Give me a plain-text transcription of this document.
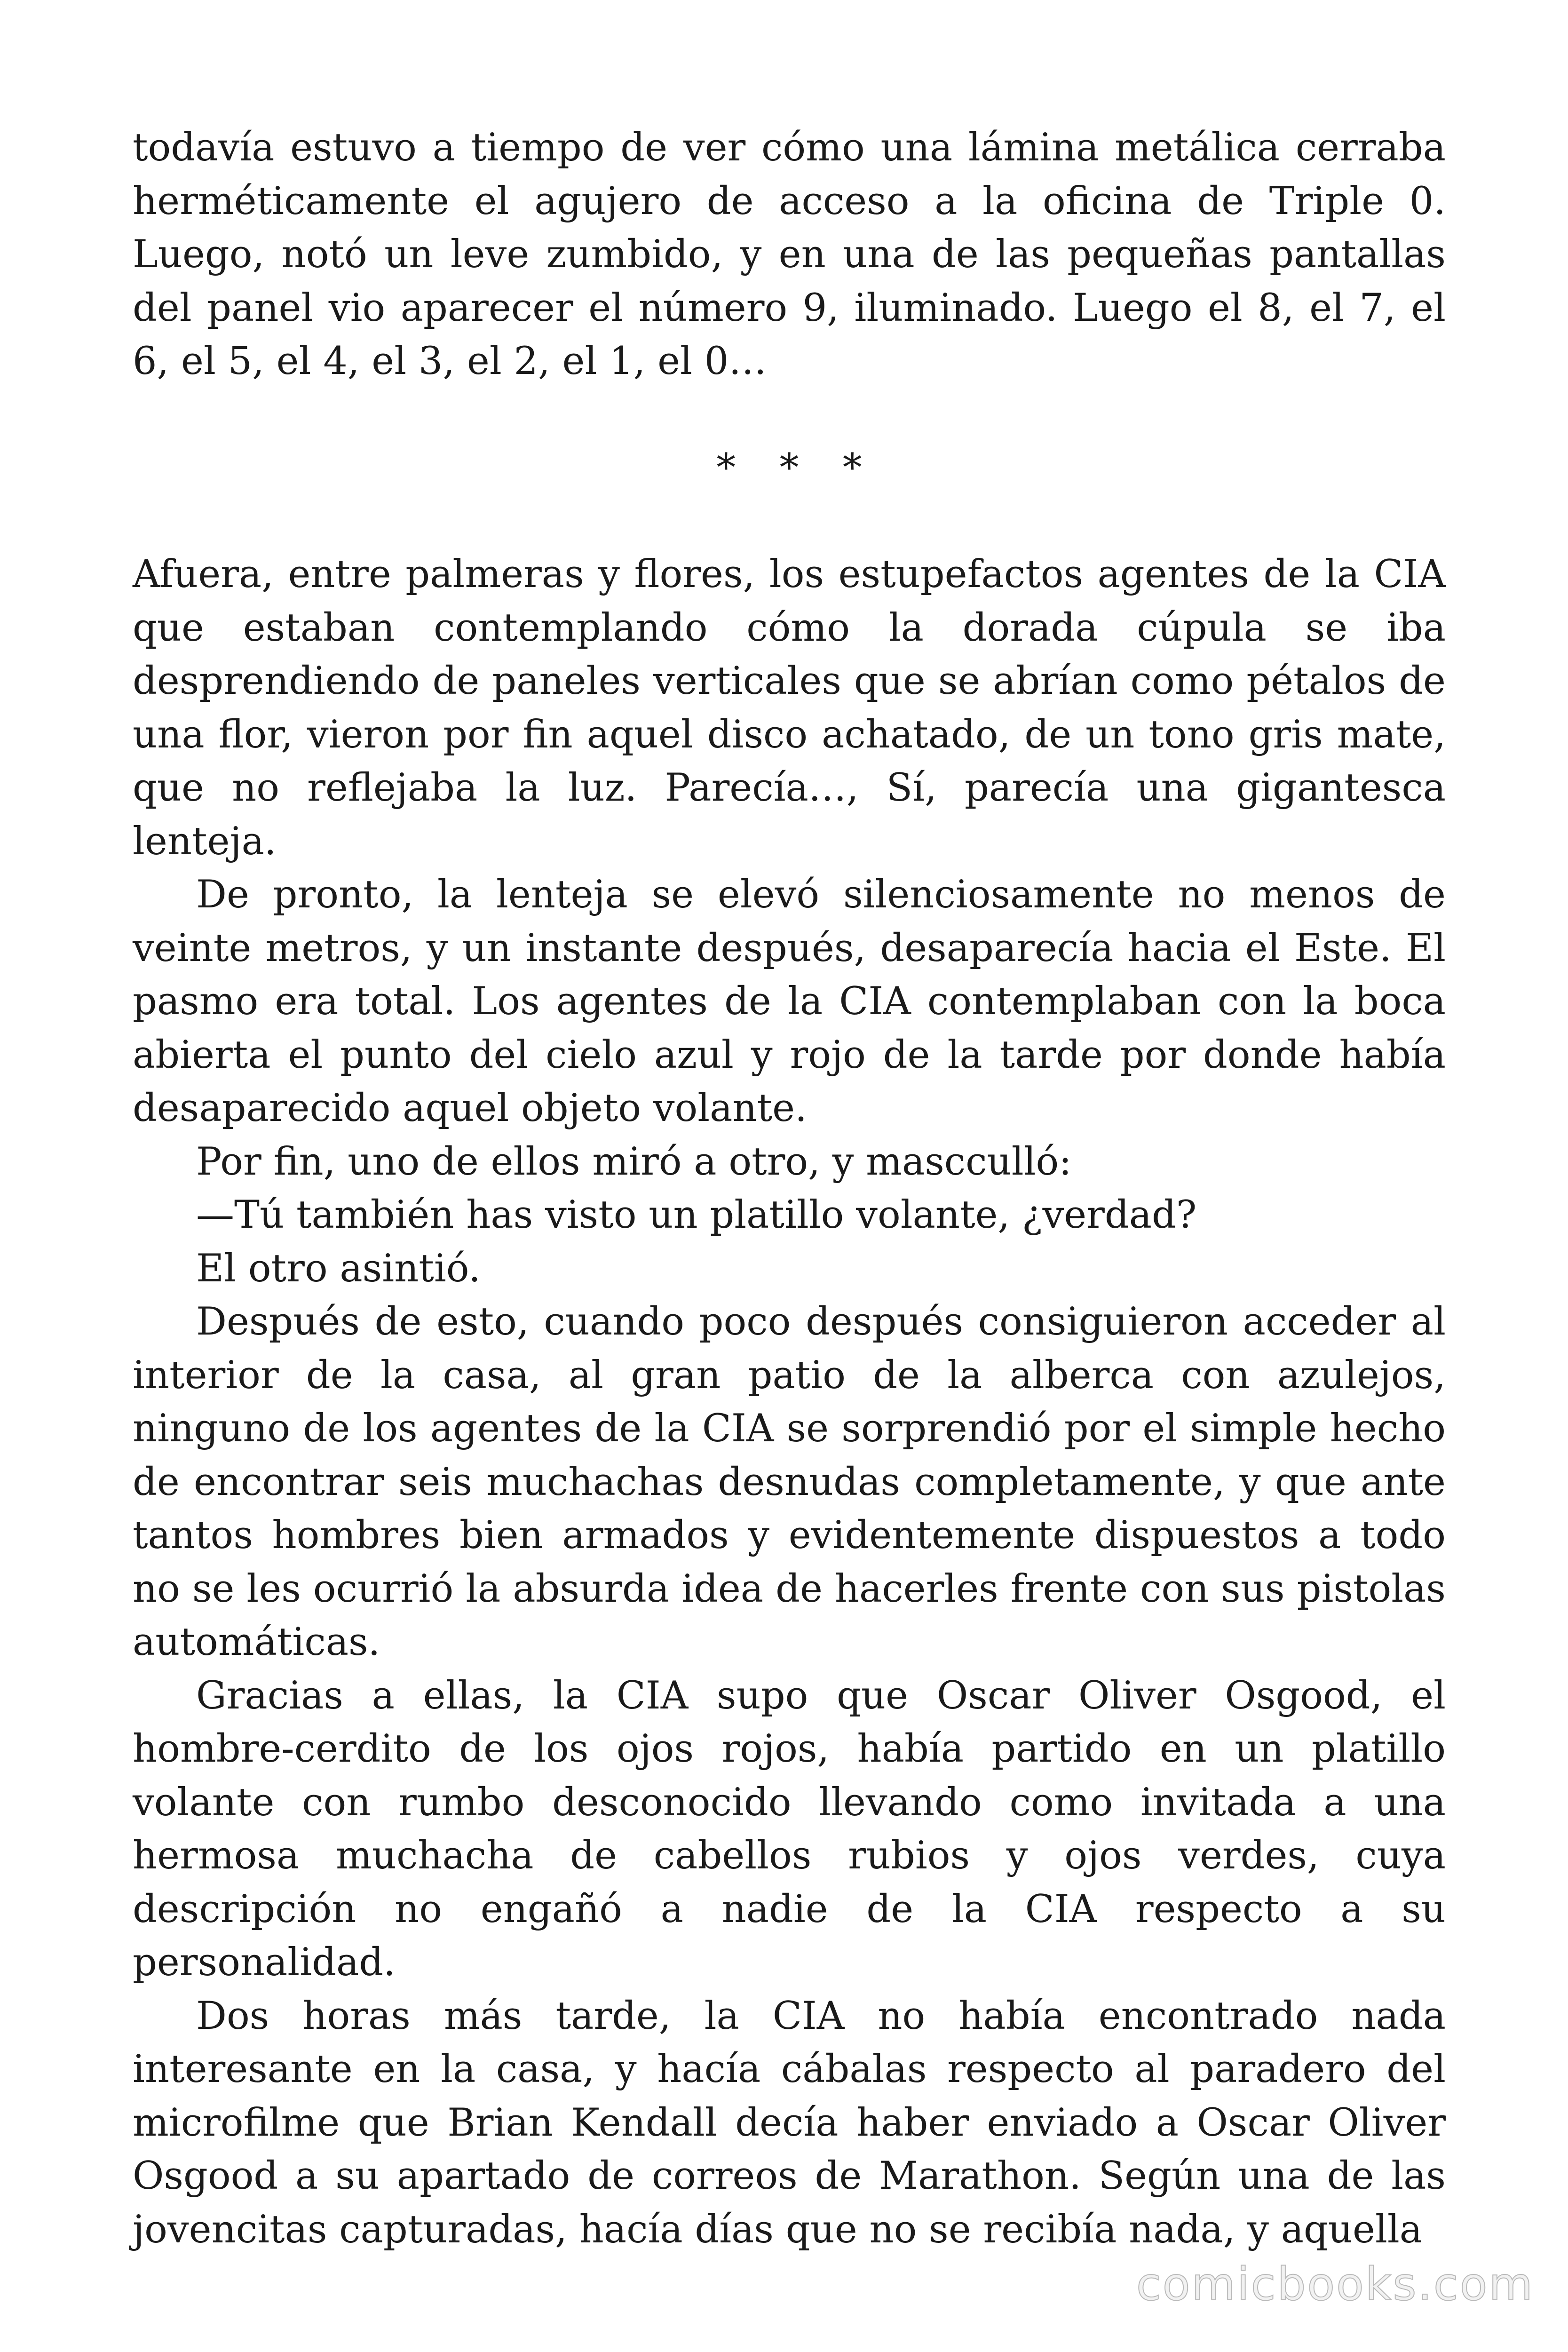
todavía estuvo a tiempo de ver cómo una lámina metálica cerraba herméticamente el agujero de acceso a la oficina de Triple 0. Luego, notó un leve zumbido, y en una de las pequeñas pantallas del panel vio aparecer el número 9, iluminado. Luego el 8, el 7, el 6, el 5, el 4, el 3, el 2, el 1, el 0…

* * *

Afuera, entre palmeras y flores, los estupefactos agentes de la CIA que estaban contemplando cómo la dorada cúpula se iba desprendiendo de paneles verticales que se abrían como pétalos de una flor, vieron por fin aquel disco achatado, de un tono gris mate, que no reflejaba la luz. Parecía…, Sí, parecía una gigantesca lenteja.

De pronto, la lenteja se elevó silenciosamente no menos de veinte metros, y un instante después, desaparecía hacia el Este. El pasmo era total. Los agentes de la CIA contemplaban con la boca abierta el punto del cielo azul y rojo de la tarde por donde había desaparecido aquel objeto volante.

Por fin, uno de ellos miró a otro, y mascculló:

—Tú también has visto un platillo volante, ¿verdad?

El otro asintió.

Después de esto, cuando poco después consiguieron acceder al interior de la casa, al gran patio de la alberca con azulejos, ninguno de los agentes de la CIA se sorprendió por el simple hecho de encontrar seis muchachas desnudas completamente, y que ante tantos hombres bien armados y evidentemente dispuestos a todo no se les ocurrió la absurda idea de hacerles frente con sus pistolas automáticas.

Gracias a ellas, la CIA supo que Oscar Oliver Osgood, el hombre-cerdito de los ojos rojos, había partido en un platillo volante con rumbo desconocido llevando como invitada a una hermosa muchacha de cabellos rubios y ojos verdes, cuya descripción no engañó a nadie de la CIA respecto a su personalidad.

Dos horas más tarde, la CIA no había encontrado nada interesante en la casa, y hacía cábalas respecto al paradero del microfilme que Brian Kendall decía haber enviado a Oscar Oliver Osgood a su apartado de correos de Marathon. Según una de las jovencitas capturadas, hacía días que no se recibía nada, y aquella

comicbooks.com
